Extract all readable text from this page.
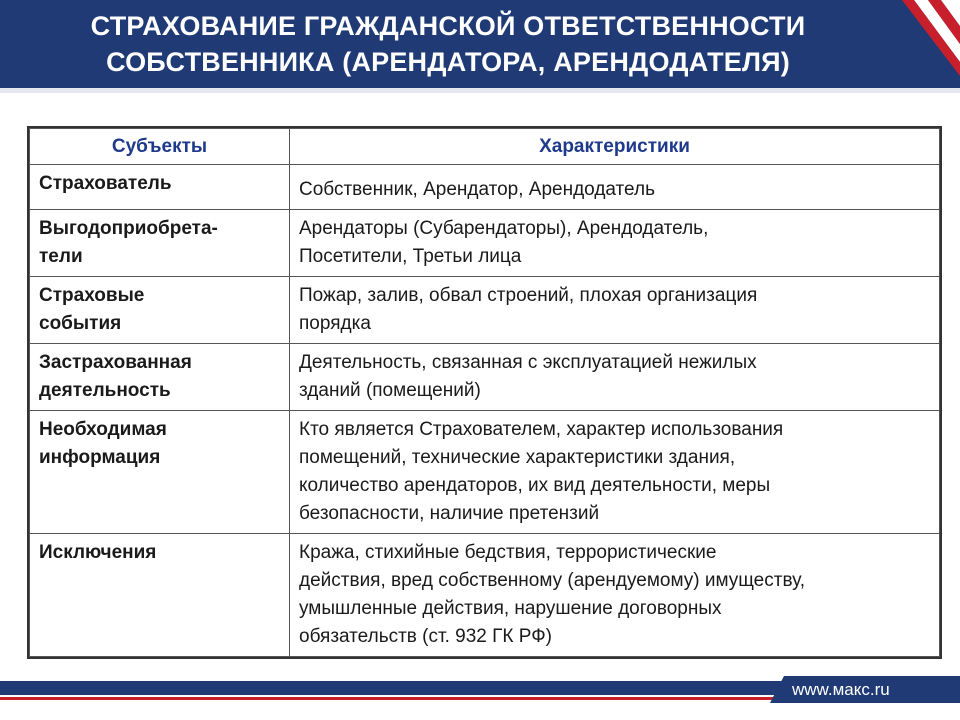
СТРАХОВАНИЕ ГРАЖДАНСКОЙ ОТВЕТСТВЕННОСТИ
СОБСТВЕННИКА (АРЕНДАТОРА, АРЕНДОДАТЕЛЯ)
Субъекты	Характеристики

Страхователь	Собственник, Арендатор, Арендодатель

Выгодоприобрета-
тели	Арендаторы (Субарендаторы), Арендодатель,
Посетители, Третьи лица

Страховые
события	Пожар, залив, обвал строений, плохая организация
порядка

Застрахованная
деятельность	Деятельность, связанная с эксплуатацией нежилых
зданий (помещений)

Необходимая
информация	Кто является Страхователем, характер использования
помещений, технические характеристики здания,
количество арендаторов, их вид деятельности, меры
безопасности, наличие претензий

Исключения	Кража, стихийные бедствия, террористические
действия, вред собственному (арендуемому) имуществу,
умышленные действия, нарушение договорных
обязательств (ст. 932 ГК РФ)
www.макс.ru
